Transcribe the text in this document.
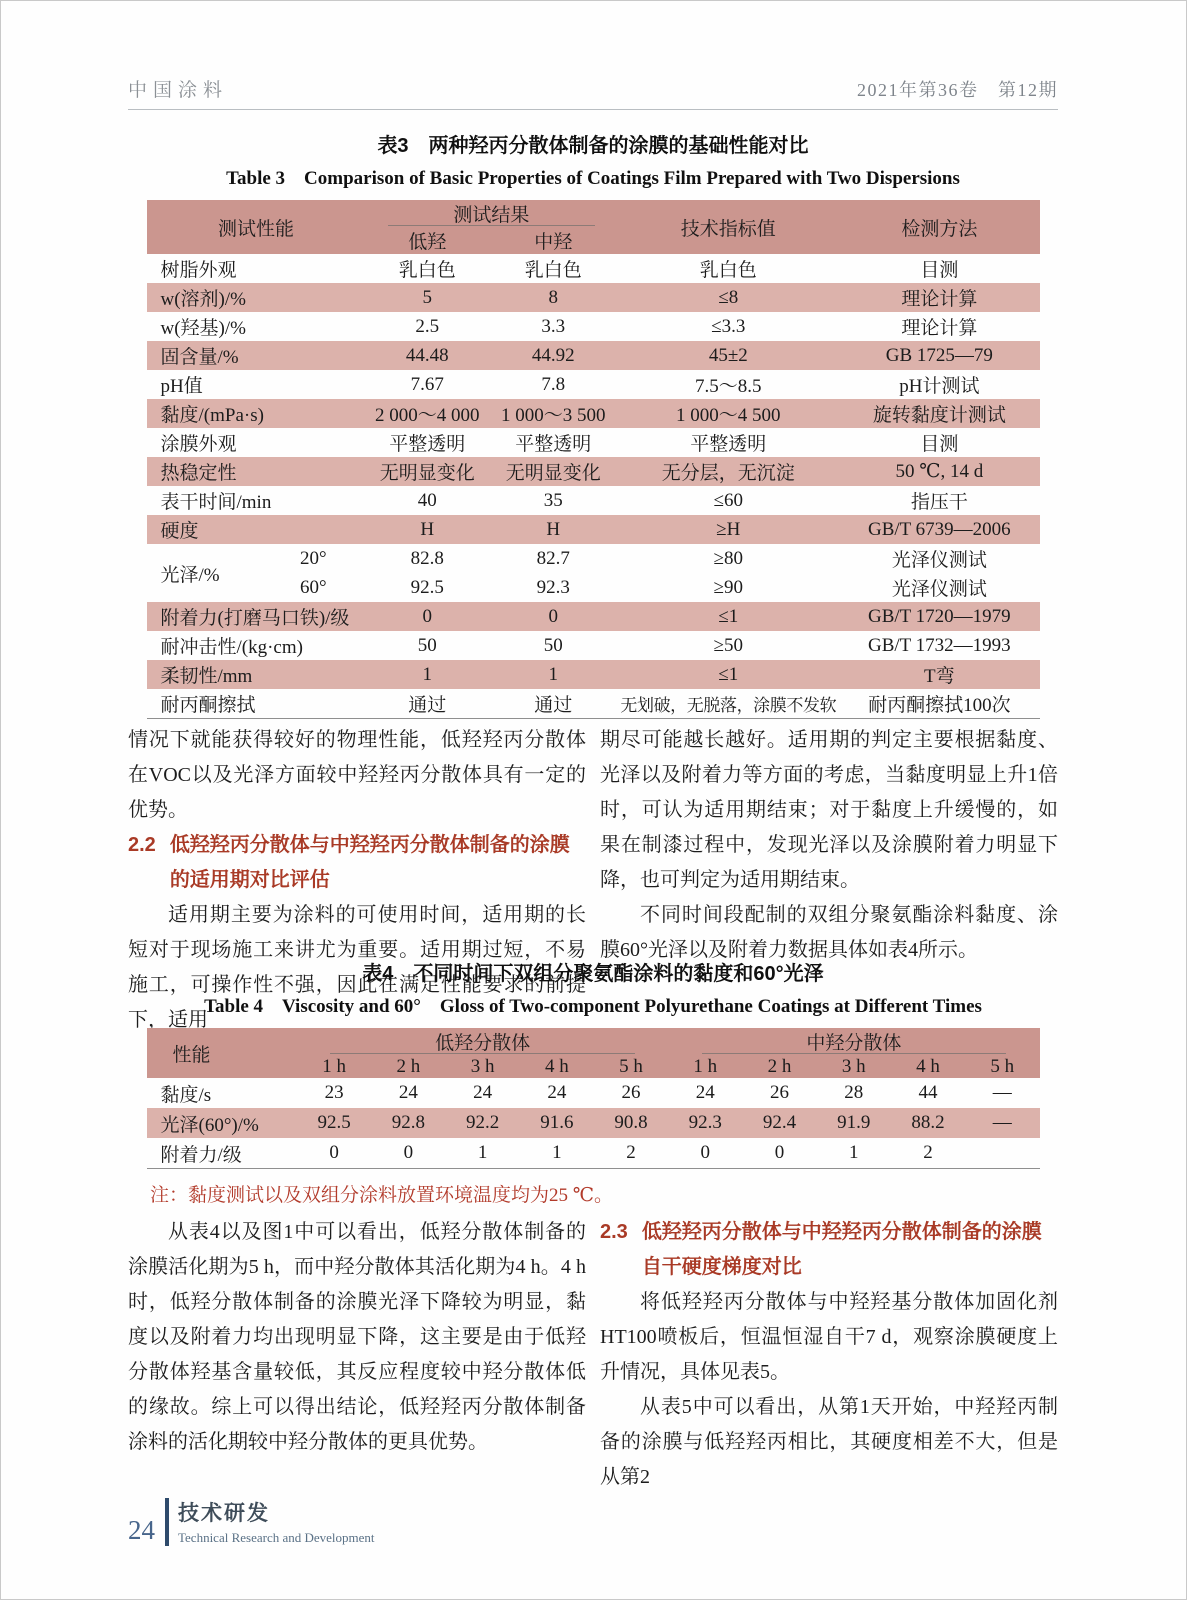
中国涂料	2021年第36卷　第12期
表3　两种羟丙分散体制备的涂膜的基础性能对比
Table 3　Comparison of Basic Properties of Coatings Film Prepared with Two Dispersions
测试性能		测试结果		技术指标值	检测方法
		低羟	中羟		
树脂外观		乳白色	乳白色	乳白色	目测
w(溶剂)/%		5	8	≤8	理论计算
w(羟基)/%		2.5	3.3	≤3.3	理论计算
固含量/%		44.48	44.92	45±2	GB 1725—79
pH值		7.67	7.8	7.5～8.5	pH计测试
黏度/(mPa·s)		2 000～4 000	1 000～3 500	1 000～4 500	旋转黏度计测试
涂膜外观		平整透明	平整透明	平整透明	目测
热稳定性		无明显变化	无明显变化	无分层，无沉淀	50 ℃, 14 d
表干时间/min		40	35	≤60	指压干
硬度		H	H	≥H	GB/T 6739—2006
光泽/%	20°	82.8	82.7	≥80	光泽仪测试
	60°	92.5	92.3	≥90	光泽仪测试
附着力(打磨马口铁)/级		0	0	≤1	GB/T 1720—1979
耐冲击性/(kg·cm)		50	50	≥50	GB/T 1732—1993
柔韧性/mm		1	1	≤1	T弯
耐丙酮擦拭		通过	通过	无划破，无脱落，涂膜不发软	耐丙酮擦拭100次

情况下就能获得较好的物理性能，低羟羟丙分散体在VOC以及光泽方面较中羟羟丙分散体具有一定的优势。

2.2 低羟羟丙分散体与中羟羟丙分散体制备的涂膜的适用期对比评估

适用期主要为涂料的可使用时间，适用期的长短对于现场施工来讲尤为重要。适用期过短，不易施工，可操作性不强，因此在满足性能要求的前提下，适用

期尽可能越长越好。适用期的判定主要根据黏度、光泽以及附着力等方面的考虑，当黏度明显上升1倍时，可认为适用期结束；对于黏度上升缓慢的，如果在制漆过程中，发现光泽以及涂膜附着力明显下降，也可判定为适用期结束。

不同时间段配制的双组分聚氨酯涂料黏度、涂膜60°光泽以及附着力数据具体如表4所示。

表4　不同时间下双组分聚氨酯涂料的黏度和60°光泽
Table 4　Viscosity and 60°　Gloss of Two-component Polyurethane Coatings at Different Times
性能	低羟分散体					中羟分散体				
	1 h	2 h	3 h	4 h	5 h	1 h	2 h	3 h	4 h	5 h
黏度/s	23	24	24	24	26	24	26	28	44	—
光泽(60°)/%	92.5	92.8	92.2	91.6	90.8	92.3	92.4	91.9	88.2	—
附着力/级	0	0	1	1	2	0	0	1	2	
注：黏度测试以及双组分涂料放置环境温度均为25 ℃。

从表4以及图1中可以看出，低羟分散体制备的涂膜活化期为5 h，而中羟分散体其活化期为4 h。4 h时，低羟分散体制备的涂膜光泽下降较为明显，黏度以及附着力均出现明显下降，这主要是由于低羟分散体羟基含量较低，其反应程度较中羟分散体低的缘故。综上可以得出结论，低羟羟丙分散体制备涂料的活化期较中羟分散体的更具优势。

2.3 低羟羟丙分散体与中羟羟丙分散体制备的涂膜自干硬度梯度对比

将低羟羟丙分散体与中羟羟基分散体加固化剂HT100喷板后，恒温恒湿自干7 d，观察涂膜硬度上升情况，具体见表5。

从表5中可以看出，从第1天开始，中羟羟丙制备的涂膜与低羟羟丙相比，其硬度相差不大，但是从第2

24
技术研发
Technical Research and Development
